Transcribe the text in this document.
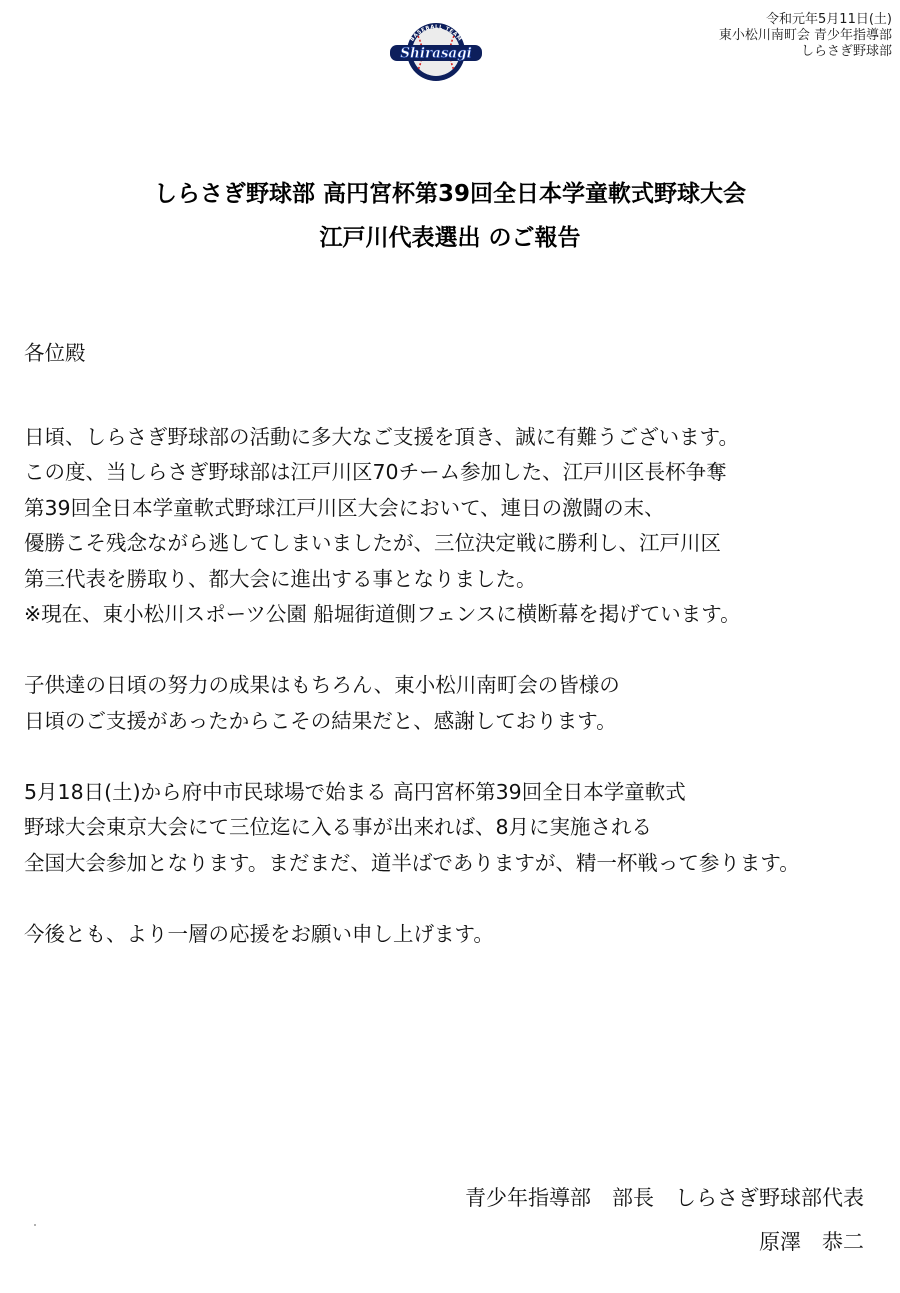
BASEBALL TEAM
Shirasagi
令和元年5月11日(土)
東小松川南町会 青少年指導部
しらさぎ野球部
しらさぎ野球部 高円宮杯第39回全日本学童軟式野球大会
江戸川代表選出 のご報告

各位殿

日頃、しらさぎ野球部の活動に多大なご支援を頂き、誠に有難うございます。

この度、当しらさぎ野球部は江戸川区70チーム参加した、江戸川区長杯争奪

第39回全日本学童軟式野球江戸川区大会において、連日の激闘の末、

優勝こそ残念ながら逃してしまいましたが、三位決定戦に勝利し、江戸川区

第三代表を勝取り、都大会に進出する事となりました。

※現在、東小松川スポーツ公園 船堀街道側フェンスに横断幕を掲げています。

子供達の日頃の努力の成果はもちろん、東小松川南町会の皆様の

日頃のご支援があったからこその結果だと、感謝しております。

5月18日(土)から府中市民球場で始まる 高円宮杯第39回全日本学童軟式

野球大会東京大会にて三位迄に入る事が出来れば、8月に実施される

全国大会参加となります。まだまだ、道半ばでありますが、精一杯戦って参ります。

今後とも、より一層の応援をお願い申し上げます。

青少年指導部　部長　しらさぎ野球部代表
原澤　恭二
